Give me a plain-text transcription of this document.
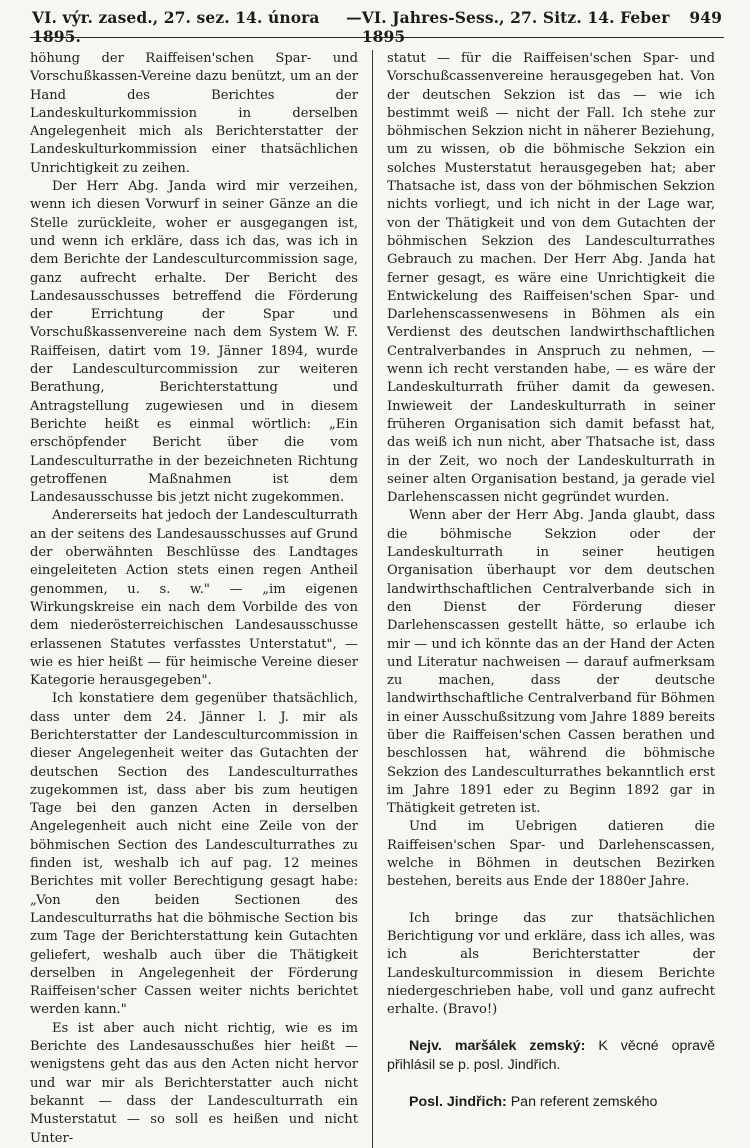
VI. výr. zased., 27. sez. 14. února 1895.
— VI. Jahres-Sess., 27. Sitz. 14. Feber 1895
949

höhung der Raiffeisen'schen Spar- und Vorschußkassen-Vereine dazu benützt, um an der Hand des Berichtes der Landeskulturkommission in derselben Angelegenheit mich als Berichterstatter der Landeskulturkommission einer thatsächlichen Unrichtigkeit zu zeihen.

Der Herr Abg. Janda wird mir verzeihen, wenn ich diesen Vorwurf in seiner Gänze an die Stelle zurückleite, woher er ausgegangen ist, und wenn ich erkläre, dass ich das, was ich in dem Berichte der Landesculturcommission sage, ganz aufrecht erhalte. Der Bericht des Landesausschusses betreffend die Förderung der Errichtung der Spar und Vorschußkassenvereine nach dem System W. F. Raiffeisen, datirt vom 19. Jänner 1894, wurde der Landesculturcommission zur weiteren Berathung, Berichterstattung und Antragstellung zugewiesen und in diesem Berichte heißt es einmal wörtlich: „Ein erschöpfender Bericht über die vom Landesculturrathe in der bezeichneten Richtung getroffenen Maßnahmen ist dem Landesausschusse bis jetzt nicht zugekommen.

Andererseits hat jedoch der Landesculturrath an der seitens des Landesausschusses auf Grund der oberwähnten Beschlüsse des Landtages eingeleiteten Action stets einen regen Antheil genommen, u. s. w." — „im eigenen Wirkungskreise ein nach dem Vorbilde des von dem niederösterreichischen Landesausschusse erlassenen Statutes verfasstes Unterstatut", — wie es hier heißt — für heimische Vereine dieser Kategorie herausgegeben".

Ich konstatiere dem gegenüber thatsächlich, dass unter dem 24. Jänner l. J. mir als Berichterstatter der Landesculturcommission in dieser Angelegenheit weiter das Gutachten der deutschen Section des Landesculturrathes zugekommen ist, dass aber bis zum heutigen Tage bei den ganzen Acten in derselben Angelegenheit auch nicht eine Zeile von der böhmischen Section des Landesculturrathes zu finden ist, weshalb ich auf pag. 12 meines Berichtes mit voller Berechtigung gesagt habe: „Von den beiden Sectionen des Landesculturraths hat die böhmische Section bis zum Tage der Berichterstattung kein Gutachten geliefert, weshalb auch über die Thätigkeit derselben in Angelegenheit der Förderung Raiffeisen'scher Cassen weiter nichts berichtet werden kann."

Es ist aber auch nicht richtig, wie es im Berichte des Landesausschußes hier heißt — wenigstens geht das aus den Acten nicht hervor und war mir als Berichterstatter auch nicht bekannt — dass der Landesculturrath ein Musterstatut — so soll es heißen und nicht Unter-

statut — für die Raiffeisen'schen Spar- und Vorschußcassenvereine herausgegeben hat. Von der deutschen Sekzion ist das — wie ich bestimmt weiß — nicht der Fall. Ich stehe zur böhmischen Sekzion nicht in näherer Beziehung, um zu wissen, ob die böhmische Sekzion ein solches Musterstatut herausgegeben hat; aber Thatsache ist, dass von der böhmischen Sekzion nichts vorliegt, und ich nicht in der Lage war, von der Thätigkeit und von dem Gutachten der böhmischen Sekzion des Landesculturrathes Gebrauch zu machen. Der Herr Abg. Janda hat ferner gesagt, es wäre eine Unrichtigkeit die Entwickelung des Raiffeisen'schen Spar- und Darlehenscassenwesens in Böhmen als ein Verdienst des deutschen landwirthschaftlichen Centralverbandes in Anspruch zu nehmen, — wenn ich recht verstanden habe, — es wäre der Landeskulturrath früher damit da gewesen. Inwieweit der Landeskulturrath in seiner früheren Organisation sich damit befasst hat, das weiß ich nun nicht, aber Thatsache ist, dass in der Zeit, wo noch der Landeskulturrath in seiner alten Organisation bestand, ja gerade viel Darlehenscassen nicht gegründet wurden.

Wenn aber der Herr Abg. Janda glaubt, dass die böhmische Sekzion oder der Landeskulturrath in seiner heutigen Organisation überhaupt vor dem deutschen landwirthschaftlichen Centralverbande sich in den Dienst der Förderung dieser Darlehenscassen gestellt hätte, so erlaube ich mir — und ich könnte das an der Hand der Acten und Literatur nachweisen — darauf aufmerksam zu machen, dass der deutsche landwirthschaftliche Centralverband für Böhmen in einer Ausschußsitzung vom Jahre 1889 bereits über die Raiffeisen'schen Cassen berathen und beschlossen hat, während die böhmische Sekzion des Landesculturrathes bekanntlich erst im Jahre 1891 eder zu Beginn 1892 gar in Thätigkeit getreten ist.

Und im Uebrigen datieren die Raiffeisen'schen Spar- und Darlehenscassen, welche in Böhmen in deutschen Bezirken bestehen, bereits aus Ende der 1880er Jahre.

Ich bringe das zur thatsächlichen Berichtigung vor und erkläre, dass ich alles, was ich als Berichterstatter der Landeskulturcommission in diesem Berichte niedergeschrieben habe, voll und ganz aufrecht erhalte. (Bravo!)

Nejv. maršálek zemský: K věcné opravě přihlásil se p. posl. Jindřich.

Posl. Jindřich: Pan referent zemského
